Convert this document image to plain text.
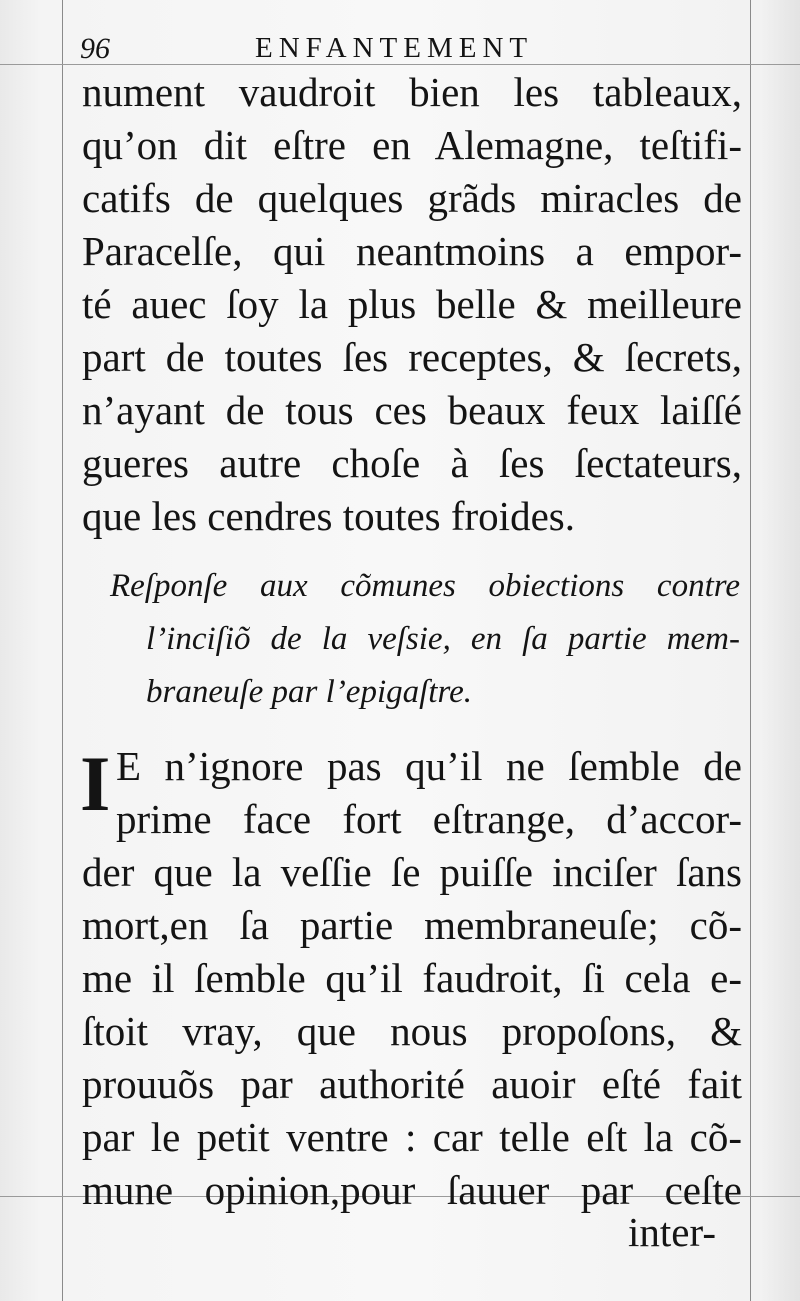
96	ENFANTEMENT
nument vaudroit bien les tableaux,
qu’on dit eſtre en Alemagne, teſtifi-
catifs de quelques grãds miracles de
Paracelſe, qui neantmoins a empor-
té auec ſoy la plus belle & meilleure
part de toutes ſes receptes, & ſecrets,
n’ayant de tous ces beaux feux laiſſé
gueres autre choſe à ſes ſectateurs,
que les cendres toutes froides.
Reſponſe aux cõmunes obiections contre
l’inciſiõ de la veſsie, en ſa partie mem-
braneuſe par l’epigaſtre.
I E n’ignore pas qu’il ne ſemble de
prime face fort eſtrange, d’accor-
der que la veſſie ſe puiſſe inciſer ſans
mort,en ſa partie membraneuſe; cõ-
me il ſemble qu’il faudroit, ſi cela e-
ſtoit vray, que nous propoſons, &
prouuõs par authorité auoir eſté fait
par le petit ventre : car telle eſt la cõ-
mune opinion,pour ſauuer par ceſte
inter-
